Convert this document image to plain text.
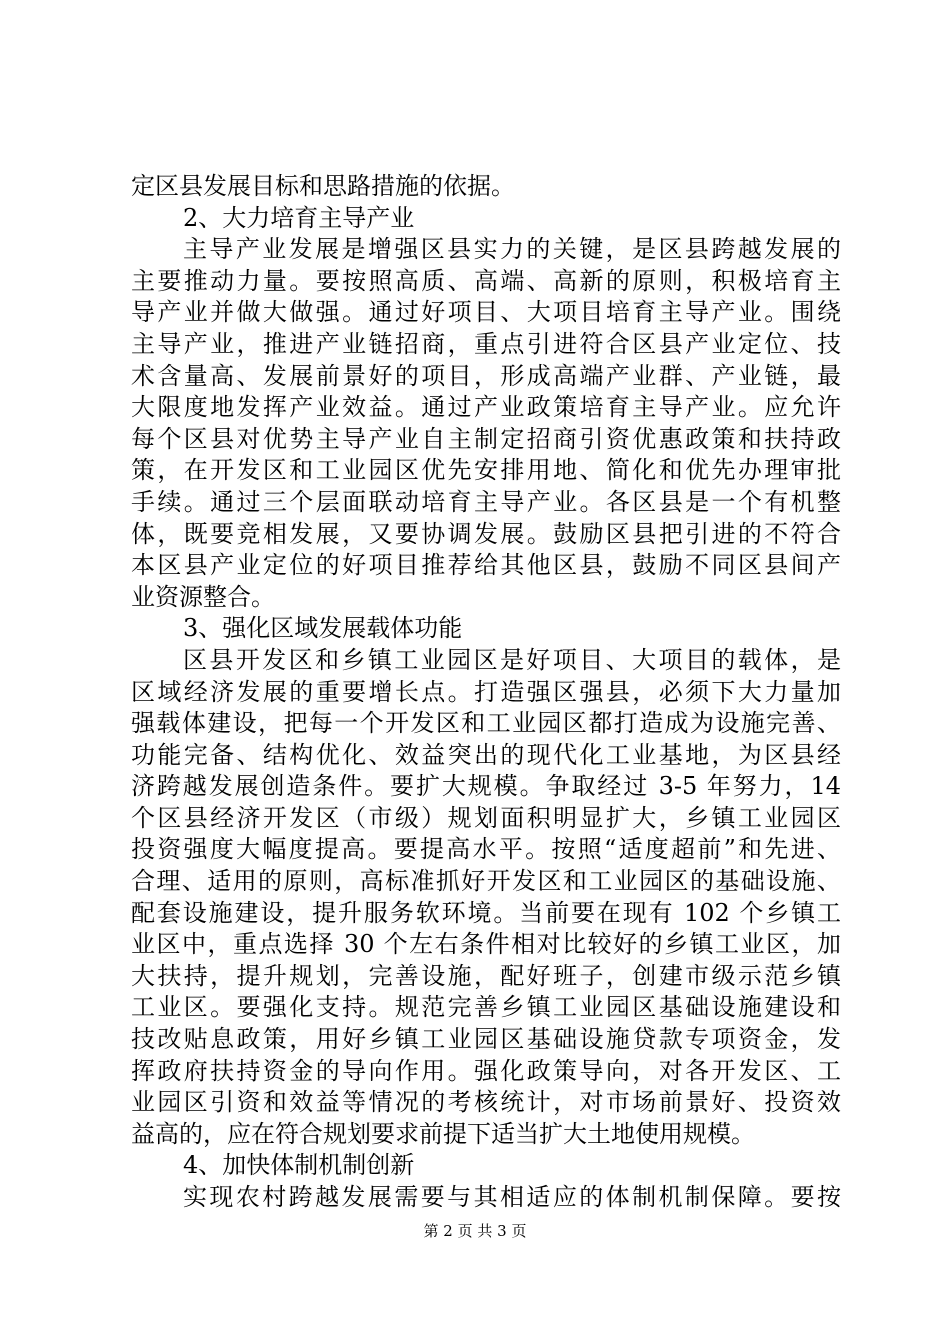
定区县发展目标和思路措施的依据。
2、大力培育主导产业
主导产业发展是增强区县实力的关键，是区县跨越发展的
主要推动力量。要按照高质、高端、高新的原则，积极培育主
导产业并做大做强。通过好项目、大项目培育主导产业。围绕
主导产业，推进产业链招商，重点引进符合区县产业定位、技
术含量高、发展前景好的项目，形成高端产业群、产业链，最
大限度地发挥产业效益。通过产业政策培育主导产业。应允许
每个区县对优势主导产业自主制定招商引资优惠政策和扶持政
策，在开发区和工业园区优先安排用地、简化和优先办理审批
手续。通过三个层面联动培育主导产业。各区县是一个有机整
体，既要竞相发展，又要协调发展。鼓励区县把引进的不符合
本区县产业定位的好项目推荐给其他区县，鼓励不同区县间产
业资源整合。
3、强化区域发展载体功能
区县开发区和乡镇工业园区是好项目、大项目的载体，是
区域经济发展的重要增长点。打造强区强县，必须下大力量加
强载体建设，把每一个开发区和工业园区都打造成为设施完善、
功能完备、结构优化、效益突出的现代化工业基地，为区县经
济跨越发展创造条件。要扩大规模。争取经过 3-5 年努力，14
个区县经济开发区（市级）规划面积明显扩大，乡镇工业园区
投资强度大幅度提高。要提高水平。按照“适度超前”和先进、
合理、适用的原则，高标准抓好开发区和工业园区的基础设施、
配套设施建设，提升服务软环境。当前要在现有 102 个乡镇工
业区中，重点选择 30 个左右条件相对比较好的乡镇工业区，加
大扶持，提升规划，完善设施，配好班子，创建市级示范乡镇
工业区。要强化支持。规范完善乡镇工业园区基础设施建设和
技改贴息政策，用好乡镇工业园区基础设施贷款专项资金，发
挥政府扶持资金的导向作用。强化政策导向，对各开发区、工
业园区引资和效益等情况的考核统计，对市场前景好、投资效
益高的，应在符合规划要求前提下适当扩大土地使用规模。
4、加快体制机制创新
实现农村跨越发展需要与其相适应的体制机制保障。要按
第 2 页 共 3 页
